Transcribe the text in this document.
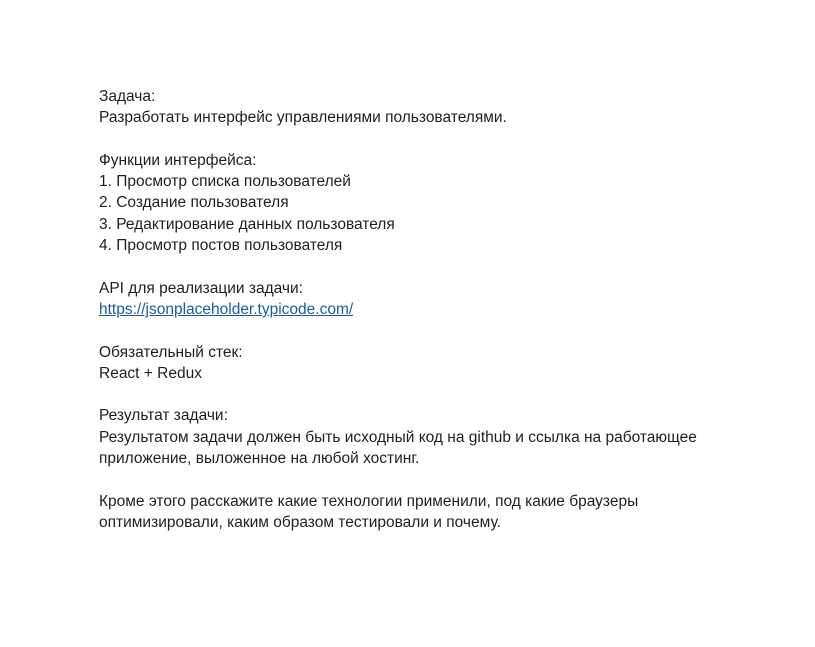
Задача:
Разработать интерфейс управлениями пользователями.
Функции интерфейса:
1. Просмотр списка пользователей
2. Создание пользователя
3. Редактирование данных пользователя
4. Просмотр постов пользователя
API для реализации задачи:
https://jsonplaceholder.typicode.com/
Обязательный стек:
React + Redux
Результат задачи:
Результатом задачи должен быть исходный код на github и ссылка на работающее
приложение, выложенное на любой хостинг.
Кроме этого расскажите какие технологии применили, под какие браузеры
оптимизировали, каким образом тестировали и почему.
